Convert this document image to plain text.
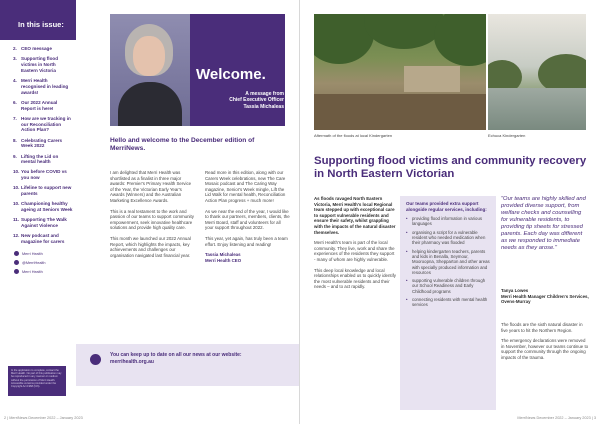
In this issue:
2. CEO message
3. Supporting flood victims in North Eastern Victoria
4. Merri Health recognised in leading awards!
6. Our 2022 Annual Report is here!
7. How are we tracking in our Reconciliation Action Plan?
8. Celebrating Carers Week 2022
9. Lifting the Lid on mental health
10. You before COVID vs you now
10. Lifeline to support new parents
10. Championing healthy ageing at Seniors Week
11. Supporting The Walk Against Violence
12. New podcast and magazine for carers
Merri Health
@MerriHealth
Merri Health
In the application to complete, contact the Merri Health. No part of this publication may be reproduced in any manner or medium without the permission of Merri Health. Accessible versions provided under the Copyright Act 1968 (Cth).
Welcome.
A message from
Chief Executive Officer
Tassia Michaleas
Hello and welcome to the December edition of MerriNews.

I am delighted that Merri Health was shortlisted as a finalist in three major awards: Premier's Primary Health Service of the Year, the Victorian Early Year's Awards (Winners) and the Australian Marketing Excellence Awards.

This is a real testament to the work and passion of our teams to support community empowerment, seek innovative healthcare solutions and provide high quality care.

This month we launched our 2022 Annual Report, which highlights the impacts, key achievements and challenges our organisation navigated last financial year.

Read more in this edition, along with our Carers Week celebrations, new The Care Mosaic podcast and The Caring Way magazine, Senior's Week mingle, Lift the Lid Walk for mental health, Reconciliation Action Plan progress + much more!

As we near the end of the year, I would like to thank our partners, members, clients, the Merri Board, staff and volunteers for all your support throughout 2022.

This year, yet again, has truly been a team effort. Enjoy listening and reading!

Tassia Michaleas
Merri Health CEO
You can keep up to date on all our news at our website:
merrihealth.org.au
2 | MerriNews December 2022 – January 2023
Aftermath of the floods at local Kindergarten	Echuca Kindergarten
Supporting flood victims and community recovery in North Eastern Victorian

As floods ravaged North Eastern Victoria, Merri Health's local Regional team stepped up with exceptional care to support vulnerable residents and ensure their safety, whilst grappling with the impacts of the natural disaster themselves.

Merri Health's team is part of the local community. They live, work and share the experiences of the residents they support - many of whom are highly vulnerable.

This deep local knowledge and local relationships enabled us to quickly identify the most vulnerable residents and their needs – and to act rapidly.

Our teams provided extra support alongside regular services, including:
• providing flood information in various languages
• organising a script for a vulnerable resident who needed medication when their pharmacy was flooded
• helping kindergarten teachers, parents and kids in Benalla, Seymour, Mooroopna, Shepparton and other areas with specially produced information and resources
• supporting vulnerable children through our School Readiness and Early Childhood programs
• connecting residents with mental health services
"Our teams are highly skilled and provided diverse support, from welfare checks and counselling for vulnerable residents, to providing tip sheets for stressed parents. Each day was different as we responded to immediate needs as they arose."
Tanya Lowes
Merri Health Manager Children's Services, Ovens-Murray

The floods are the sixth natural disaster in five years to hit the Northern Region.

The emergency declarations were removed in November, however our teams continue to support the community through the ongoing impacts of the trauma.

MerriNews December 2022 – January 2023 | 3
